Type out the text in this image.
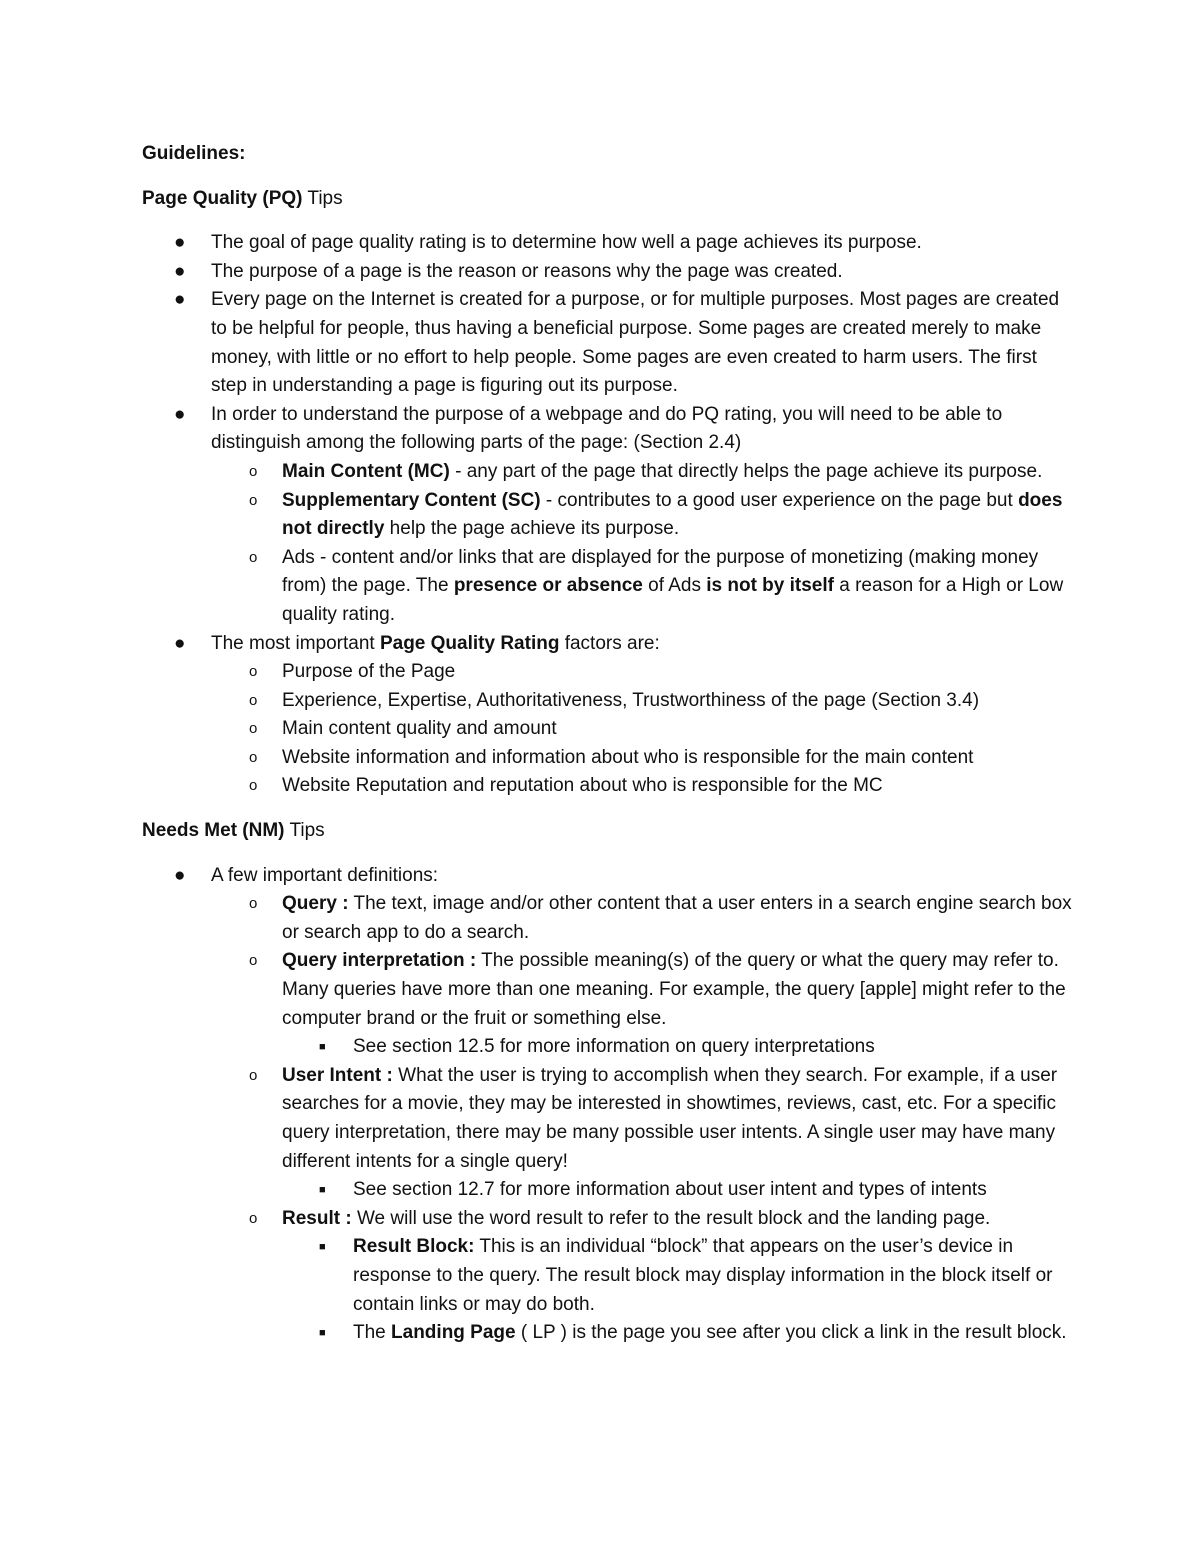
Guidelines:

Page Quality (PQ) Tips

● The goal of page quality rating is to determine how well a page achieves its purpose.
● The purpose of a page is the reason or reasons why the page was created.
● Every page on the Internet is created for a purpose, or for multiple purposes. Most pages are created to be helpful for people, thus having a beneficial purpose. Some pages are created merely to make money, with little or no effort to help people. Some pages are even created to harm users. The first step in understanding a page is figuring out its purpose.
● In order to understand the purpose of a webpage and do PQ rating, you will need to be able to distinguish among the following parts of the page: (Section 2.4)
o Main Content (MC) - any part of the page that directly helps the page achieve its purpose.
o Supplementary Content (SC) - contributes to a good user experience on the page but does not directly help the page achieve its purpose.
o Ads - content and/or links that are displayed for the purpose of monetizing (making money from) the page. The presence or absence of Ads is not by itself a reason for a High or Low quality rating.
● The most important Page Quality Rating factors are:
o Purpose of the Page
o Experience, Expertise, Authoritativeness, Trustworthiness of the page (Section 3.4)
o Main content quality and amount
o Website information and information about who is responsible for the main content
o Website Reputation and reputation about who is responsible for the MC

Needs Met (NM) Tips

● A few important definitions:
o Query : The text, image and/or other content that a user enters in a search engine search box or search app to do a search.
o Query interpretation : The possible meaning(s) of the query or what the query may refer to. Many queries have more than one meaning. For example, the query [apple] might refer to the computer brand or the fruit or something else.
■ See section 12.5 for more information on query interpretations
o User Intent : What the user is trying to accomplish when they search. For example, if a user searches for a movie, they may be interested in showtimes, reviews, cast, etc. For a specific query interpretation, there may be many possible user intents. A single user may have many different intents for a single query!
■ See section 12.7 for more information about user intent and types of intents
o Result : We will use the word result to refer to the result block and the landing page.
■ Result Block: This is an individual “block” that appears on the user’s device in response to the query. The result block may display information in the block itself or contain links or may do both.
■ The Landing Page ( LP ) is the page you see after you click a link in the result block.
